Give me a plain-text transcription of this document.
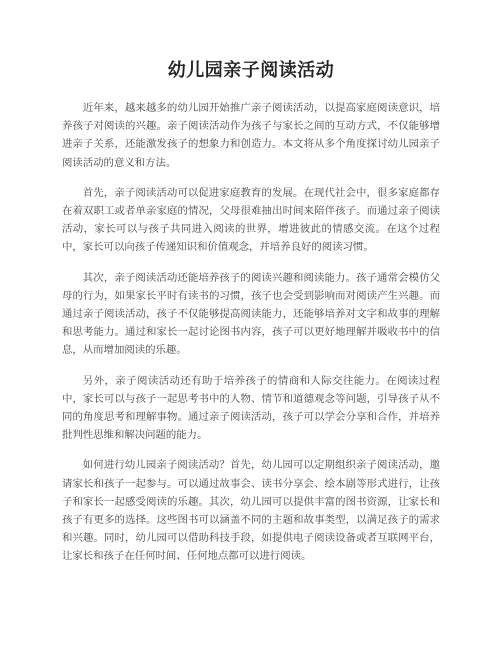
幼儿园亲子阅读活动

近年来，越来越多的幼儿园开始推广亲子阅读活动，以提高家庭阅读意识，培养孩子对阅读的兴趣。亲子阅读活动作为孩子与家长之间的互动方式，不仅能够增进亲子关系，还能激发孩子的想象力和创造力。本文将从多个角度探讨幼儿园亲子阅读活动的意义和方法。

首先，亲子阅读活动可以促进家庭教育的发展。在现代社会中，很多家庭都存在着双职工或者单亲家庭的情况，父母很难抽出时间来陪伴孩子。而通过亲子阅读活动，家长可以与孩子共同进入阅读的世界，增进彼此的情感交流。在这个过程中，家长可以向孩子传递知识和价值观念，并培养良好的阅读习惯。

其次，亲子阅读活动还能培养孩子的阅读兴趣和阅读能力。孩子通常会模仿父母的行为，如果家长平时有读书的习惯，孩子也会受到影响而对阅读产生兴趣。而通过亲子阅读活动，孩子不仅能够提高阅读能力，还能够培养对文字和故事的理解和思考能力。通过和家长一起讨论图书内容，孩子可以更好地理解并吸收书中的信息，从而增加阅读的乐趣。

另外，亲子阅读活动还有助于培养孩子的情商和人际交往能力。在阅读过程中，家长可以与孩子一起思考书中的人物、情节和道德观念等问题，引导孩子从不同的角度思考和理解事物。通过亲子阅读活动，孩子可以学会分享和合作，并培养批判性思维和解决问题的能力。

如何进行幼儿园亲子阅读活动？首先，幼儿园可以定期组织亲子阅读活动，邀请家长和孩子一起参与。可以通过故事会、读书分享会、绘本剧等形式进行，让孩子和家长一起感受阅读的乐趣。其次，幼儿园可以提供丰富的图书资源，让家长和孩子有更多的选择。这些图书可以涵盖不同的主题和故事类型，以满足孩子的需求和兴趣。同时，幼儿园可以借助科技手段，如提供电子阅读设备或者互联网平台，让家长和孩子在任何时间、任何地点都可以进行阅读。
